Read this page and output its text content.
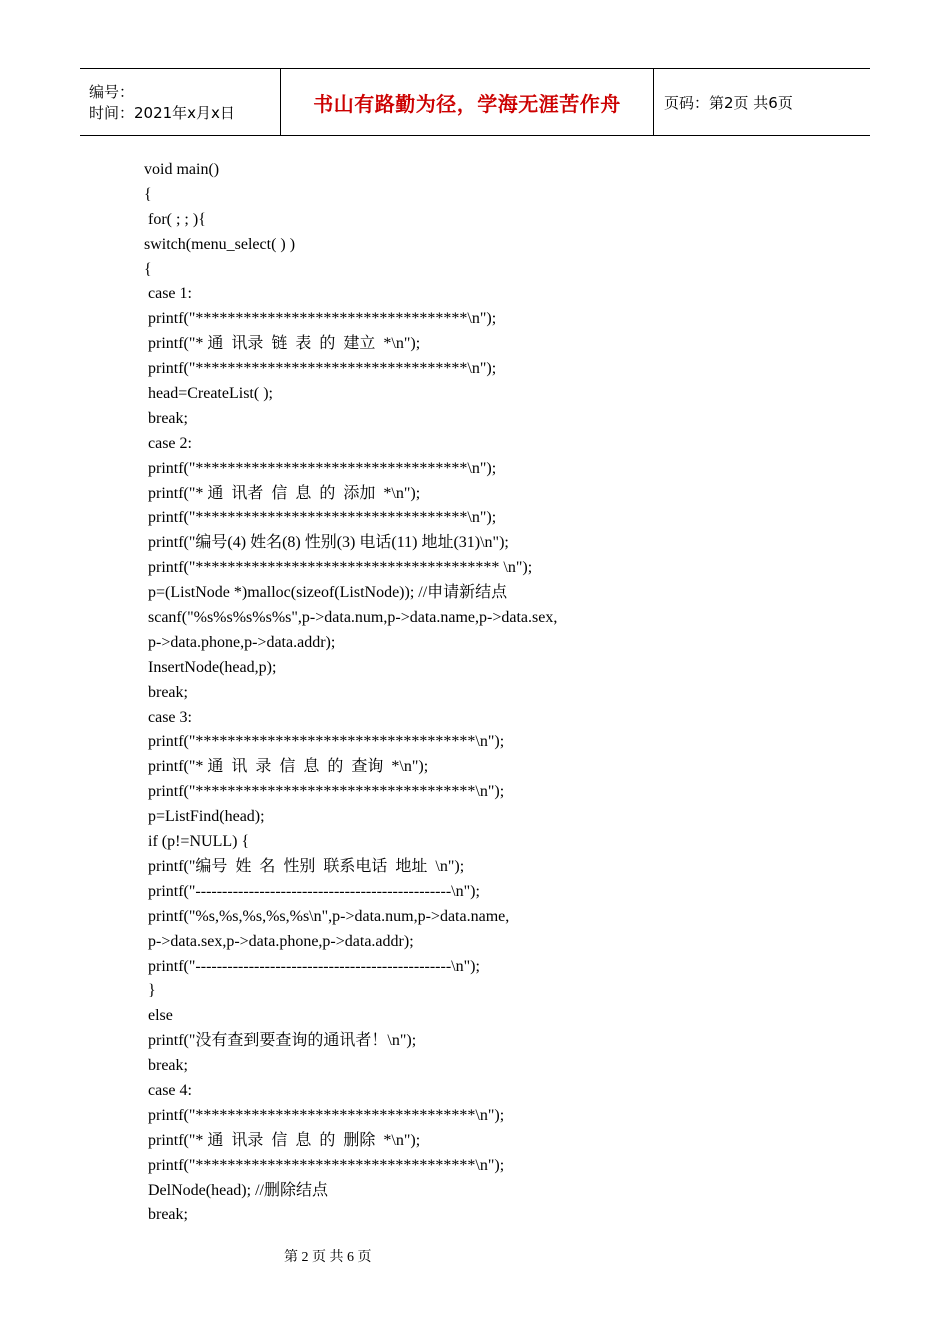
编号：
时间：2021年x月x日	书山有路勤为径，学海无涯苦作舟	页码：第2页 共6页
void main()
{
for( ; ; ){
switch(menu_select( ) )
{
case 1:
printf("**********************************\n");
printf("* 通  讯录  链  表  的  建立  *\n");
printf("**********************************\n");
head=CreateList( );
break;
case 2:
printf("**********************************\n");
printf("* 通  讯者  信  息  的  添加  *\n");
printf("**********************************\n");
printf("编号(4) 姓名(8) 性别(3) 电话(11) 地址(31)\n");
printf("************************************** \n");
p=(ListNode *)malloc(sizeof(ListNode)); //申请新结点
scanf("%s%s%s%s%s",p->data.num,p->data.name,p->data.sex,
p->data.phone,p->data.addr);
InsertNode(head,p);
break;
case 3:
printf("***********************************\n");
printf("* 通  讯  录  信  息  的  查询  *\n");
printf("***********************************\n");
p=ListFind(head);
if (p!=NULL) {
printf("编号  姓  名  性别  联系电话  地址  \n");
printf("------------------------------------------------\n");
printf("%s,%s,%s,%s,%s\n",p->data.num,p->data.name,
p->data.sex,p->data.phone,p->data.addr);
printf("------------------------------------------------\n");
}
else
printf("没有查到要查询的通讯者！\n");
break;
case 4:
printf("***********************************\n");
printf("* 通  讯录  信  息  的  删除  *\n");
printf("***********************************\n");
DelNode(head); //删除结点
break;
第 2 页 共 6 页
